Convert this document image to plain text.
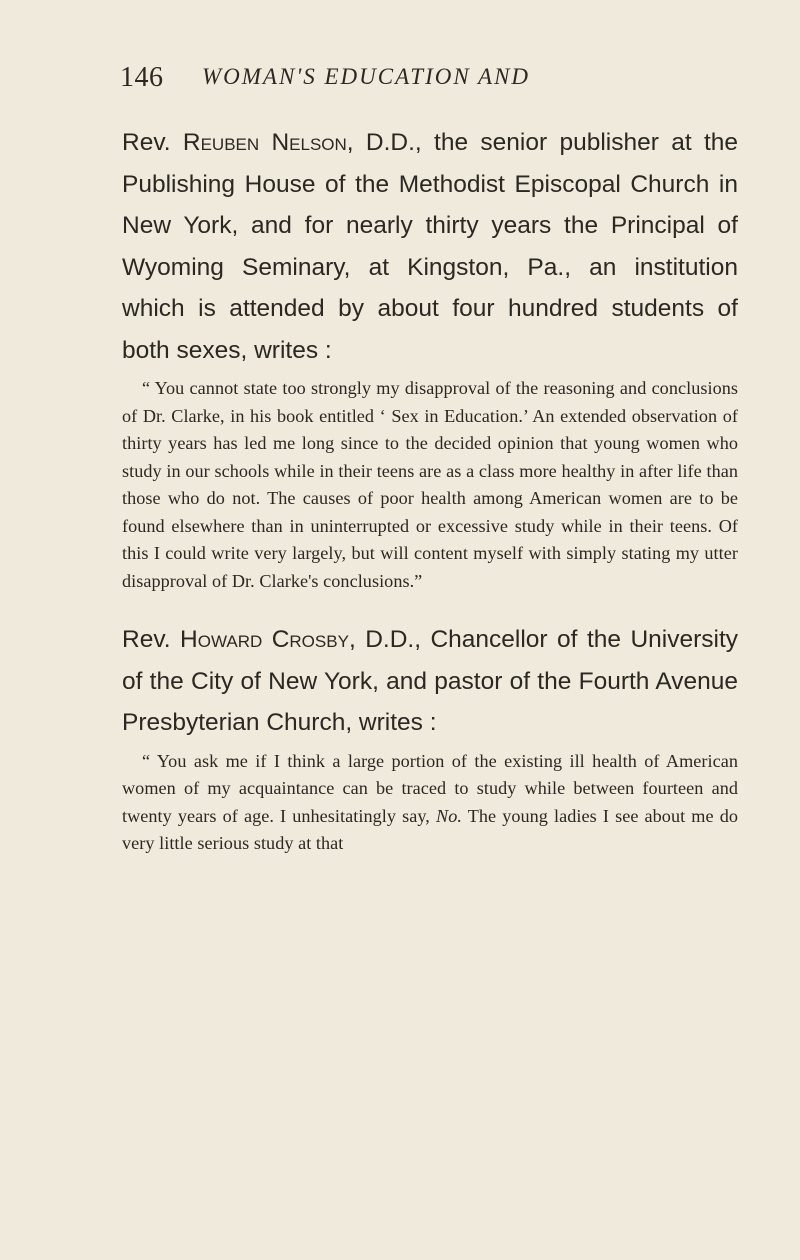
146 WOMAN'S EDUCATION AND

Rev. Reuben Nelson, D.D., the senior publisher at the Publishing House of the Methodist Episcopal Church in New York, and for nearly thirty years the Principal of Wyoming Seminary, at Kingston, Pa., an institution which is attended by about four hundred students of both sexes, writes :

“ You cannot state too strongly my disapproval of the reasoning and conclusions of Dr. Clarke, in his book entitled ‘ Sex in Education.’ An extended observation of thirty years has led me long since to the decided opinion that young women who study in our schools while in their teens are as a class more healthy in after life than those who do not. The causes of poor health among American women are to be found elsewhere than in uninterrupted or excessive study while in their teens. Of this I could write very largely, but will content myself with simply stating my utter disapproval of Dr. Clarke's conclusions.”

Rev. Howard Crosby, D.D., Chancellor of the University of the City of New York, and pastor of the Fourth Avenue Presbyterian Church, writes :

“ You ask me if I think a large portion of the existing ill health of American women of my acquaintance can be traced to study while between fourteen and twenty years of age. I unhesitatingly say, No. The young ladies I see about me do very little serious study at that
